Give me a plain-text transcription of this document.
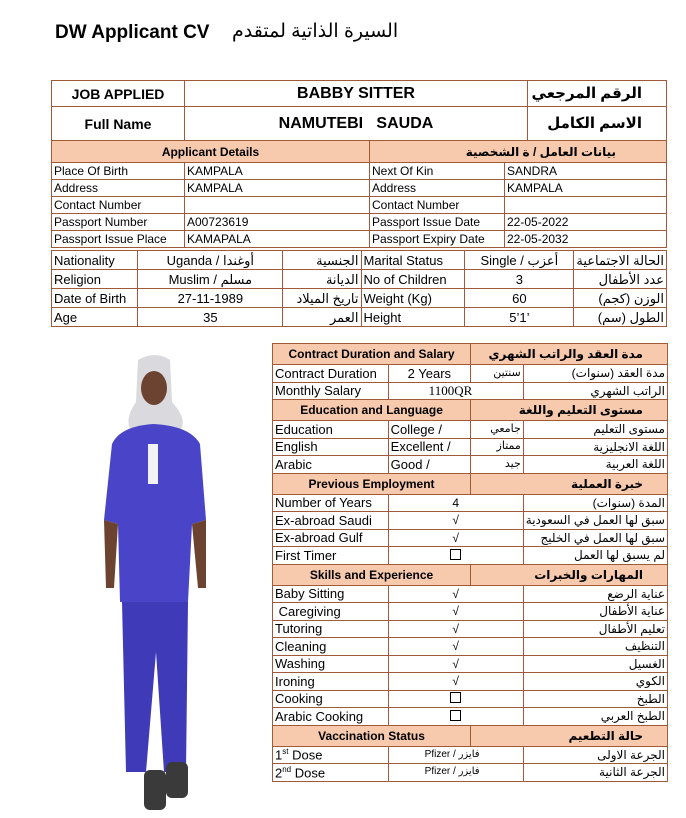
DW Applicant CV السيرة الذاتية لمتقدم
JOB APPLIED	BABBY SITTER	الرقم المرجعي
Full Name	NAMUTEBI   SAUDA	الاسم الكامل
Applicant Details		بيانات العامل / ة الشخصية	
Place Of Birth	KAMPALA	Next Of Kin	SANDRA
Address	KAMPALA	Address	KAMPALA
Contact Number		Contact Number	
Passport Number	A00723619	Passport Issue Date	22-05-2022
Passport Issue Place	KAMAPALA	Passport Expiry Date	22-05-2032
Nationality	Uganda / أوغندا	الجنسية	Marital Status	Single / أعزب	الحالة الاجتماعية
Religion	Muslim / مسلم	الديانة	No of Children	3	عدد الأطفال
Date of Birth	27-11-1989	تاريخ الميلاد	Weight (Kg)	60	الوزن (كجم)
Age	35	العمر	Height	5’1’	الطول (سم)
Contract Duration and Salary		مدة العقد والراتب الشهري	
Contract Duration	2 Years	سنتين	مدة العقد (سنوات)
Monthly Salary	1100QR		الراتب الشهري
Education and Language		مستوى التعليم واللغة	
Education	College /	جامعي	مستوى التعليم
English	Excellent /	ممتاز	اللغة الانجليزية
Arabic	Good /	جيد	اللغة العربية
Previous Employment		خبرة العملية	
Number of Years	4		المدة (سنوات)
Ex-abroad Saudi	√		سبق لها العمل في السعودية
Ex-abroad Gulf	√		سبق لها العمل في الخليج
First Timer			لم يسبق لها العمل
Skills and Experience		المهارات والخبرات	
Baby Sitting	√		عناية الرضع
Caregiving	√		عناية الأطفال
Tutoring	√		تعليم الأطفال
Cleaning	√		التنظيف
Washing	√		الغسيل
Ironing	√		الكوي
Cooking			الطبخ
Arabic Cooking			الطبخ العربي
Vaccination Status		حالة التطعيم	
1st Dose	Pfizer / فايزر		الجرعة الاولى
2nd Dose	Pfizer / فايزر		الجرعة الثانية
